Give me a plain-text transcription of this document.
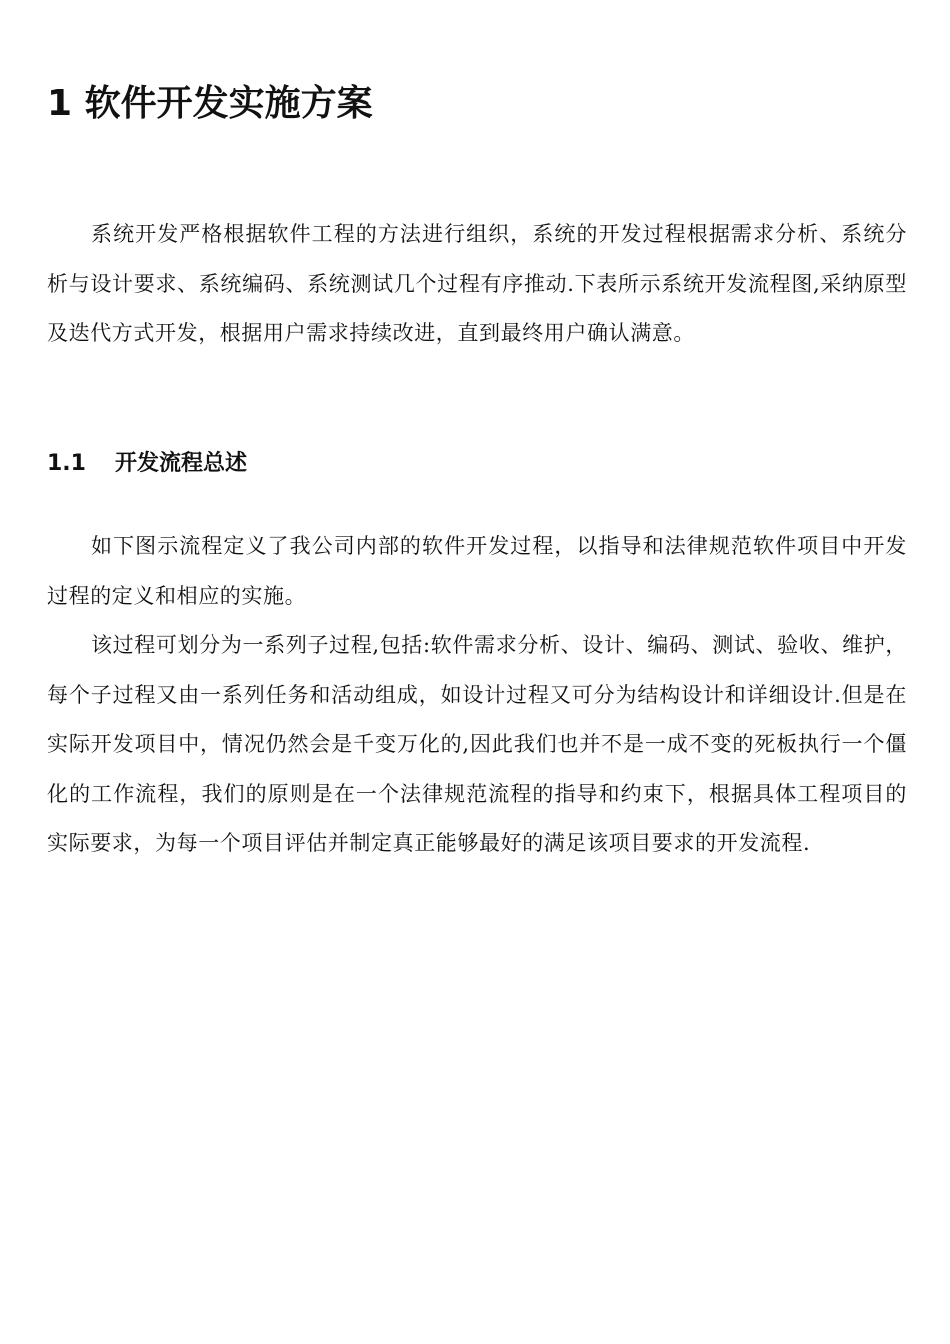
1 软件开发实施方案

系统开发严格根据软件工程的方法进行组织，系统的开发过程根据需求分析、系统分析与设计要求、系统编码、系统测试几个过程有序推动.下表所示系统开发流程图,采纳原型及迭代方式开发，根据用户需求持续改进，直到最终用户确认满意。

1.1 开发流程总述

如下图示流程定义了我公司内部的软件开发过程，以指导和法律规范软件项目中开发过程的定义和相应的实施。

该过程可划分为一系列子过程,包括:软件需求分析、设计、编码、测试、验收、维护，每个子过程又由一系列任务和活动组成，如设计过程又可分为结构设计和详细设计.但是在实际开发项目中，情况仍然会是千变万化的,因此我们也并不是一成不变的死板执行一个僵化的工作流程，我们的原则是在一个法律规范流程的指导和约束下，根据具体工程项目的实际要求，为每一个项目评估并制定真正能够最好的满足该项目要求的开发流程.
